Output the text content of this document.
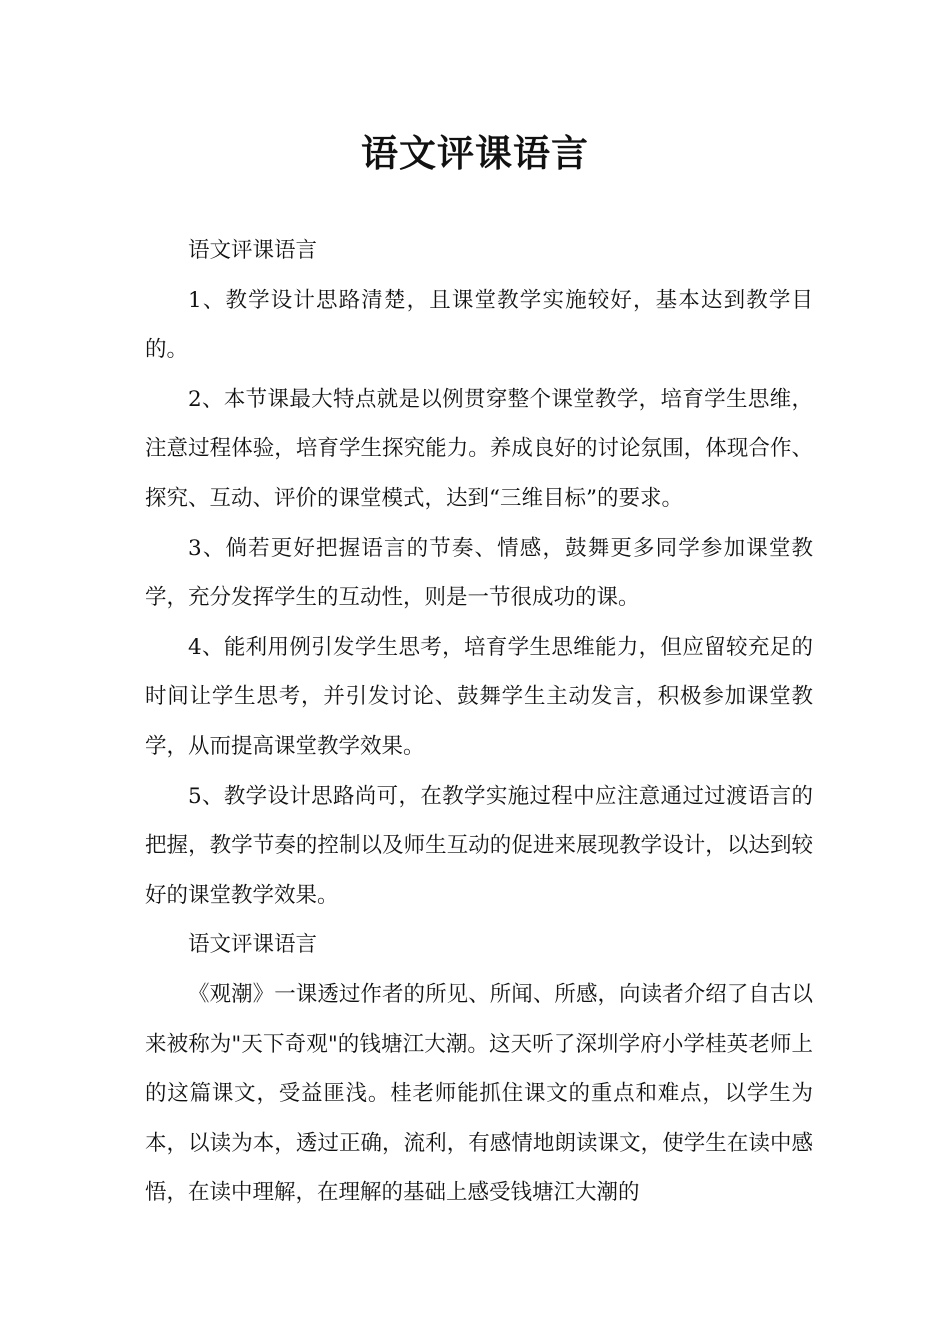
语文评课语言

语文评课语言

1、教学设计思路清楚，且课堂教学实施较好，基本达到教学目的。

2、本节课最大特点就是以例贯穿整个课堂教学，培育学生思维，注意过程体验，培育学生探究能力。养成良好的讨论氛围，体现合作、探究、互动、评价的课堂模式，达到“三维目标”的要求。

3、倘若更好把握语言的节奏、情感，鼓舞更多同学参加课堂教学，充分发挥学生的互动性，则是一节很成功的课。

4、能利用例引发学生思考，培育学生思维能力，但应留较充足的时间让学生思考，并引发讨论、鼓舞学生主动发言，积极参加课堂教学，从而提高课堂教学效果。

5、教学设计思路尚可，在教学实施过程中应注意通过过渡语言的把握，教学节奏的控制以及师生互动的促进来展现教学设计，以达到较好的课堂教学效果。

语文评课语言

《观潮》一课透过作者的所见、所闻、所感，向读者介绍了自古以来被称为"天下奇观"的钱塘江大潮。这天听了深圳学府小学桂英老师上的这篇课文，受益匪浅。桂老师能抓住课文的重点和难点，以学生为本，以读为本，透过正确，流利，有感情地朗读课文，使学生在读中感悟，在读中理解，在理解的基础上感受钱塘江大潮的
